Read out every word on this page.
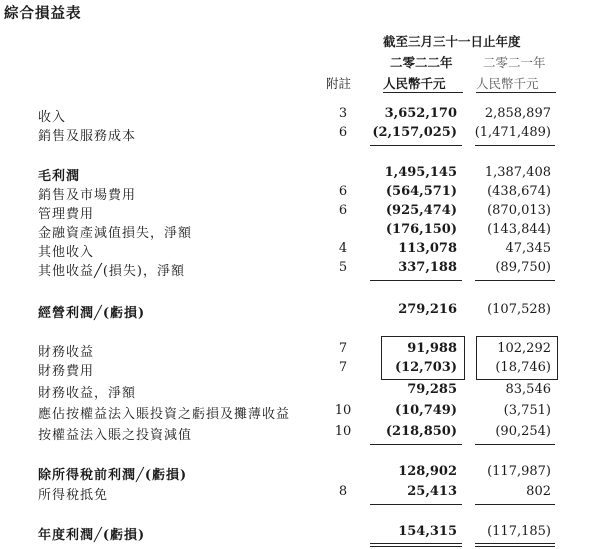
綜合損益表
截至三月三十一日止年度
二零二二年 二零二一年
附註	人民幣千元 人民幣千元
收入	3	3,652,170	2,858,897
銷售及服務成本	6	(2,157,025)	(1,471,489)
毛利潤	1,495,145	1,387,408
銷售及市場費用	6	(564,571)	(438,674)
管理費用	6	(925,474)	(870,013)
金融資產減值損失，淨額	(176,150)	(143,844)
其他收入	4	113,078	47,345
其他收益╱(損失)，淨額	5	337,188	(89,750)
經營利潤╱(虧損)	279,216	(107,528)
財務收益	7	91,988	102,292
財務費用	7	(12,703)	(18,746)
財務收益，淨額	79,285	83,546
應佔按權益法入賬投資之虧損及攤薄收益	10	(10,749)	(3,751)
按權益法入賬之投資減值	10	(218,850)	(90,254)
除所得稅前利潤╱(虧損)	128,902	(117,987)
所得稅抵免	8	25,413	802
年度利潤╱(虧損)	154,315	(117,185)
